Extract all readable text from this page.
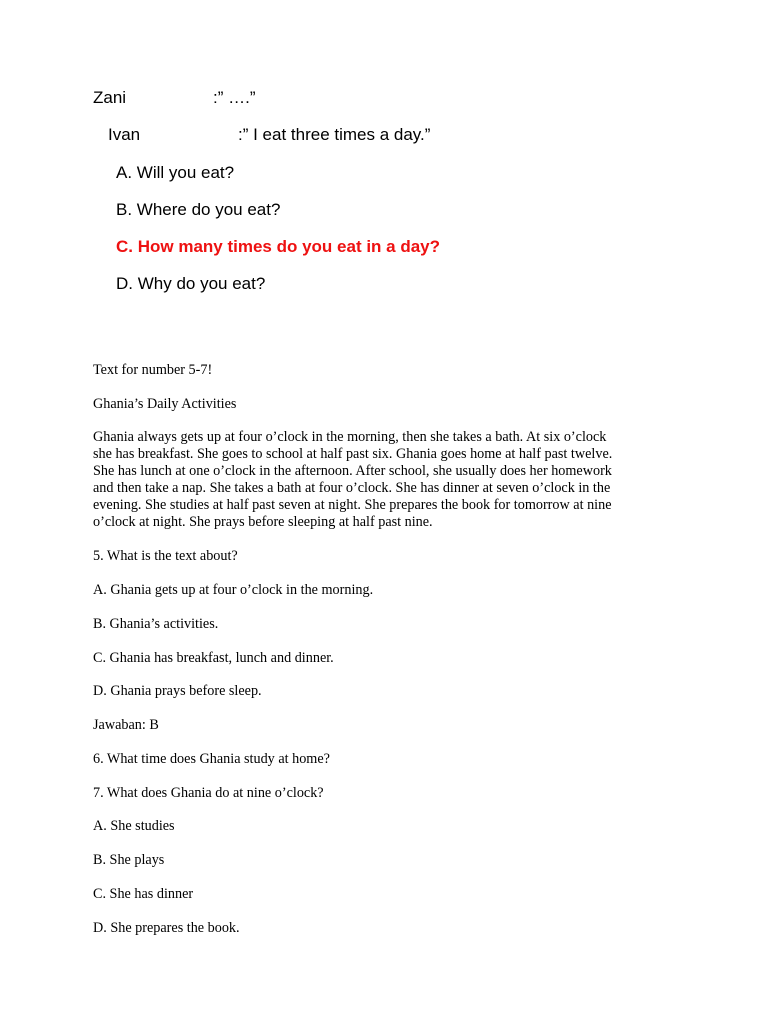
Zani	:” ….”
Ivan	:” I eat three times a day.”
A. Will you eat?
B. Where do you eat?
C. How many times do you eat in a day?
D. Why do you eat?
Text for number 5-7!
Ghania’s Daily Activities
Ghania always gets up at four o’clock in the morning, then she takes a bath. At six o’clock
she has breakfast. She goes to school at half past six. Ghania goes home at half past twelve.
She has lunch at one o’clock in the afternoon. After school, she usually does her homework
and then take a nap. She takes a bath at four o’clock. She has dinner at seven o’clock in the
evening. She studies at half past seven at night. She prepares the book for tomorrow at nine
o’clock at night. She prays before sleeping at half past nine.
5. What is the text about?
A. Ghania gets up at four o’clock in the morning.
B. Ghania’s activities.
C. Ghania has breakfast, lunch and dinner.
D. Ghania prays before sleep.
Jawaban: B
6. What time does Ghania study at home?
7. What does Ghania do at nine o’clock?
A. She studies
B. She plays
C. She has dinner
D. She prepares the book.
